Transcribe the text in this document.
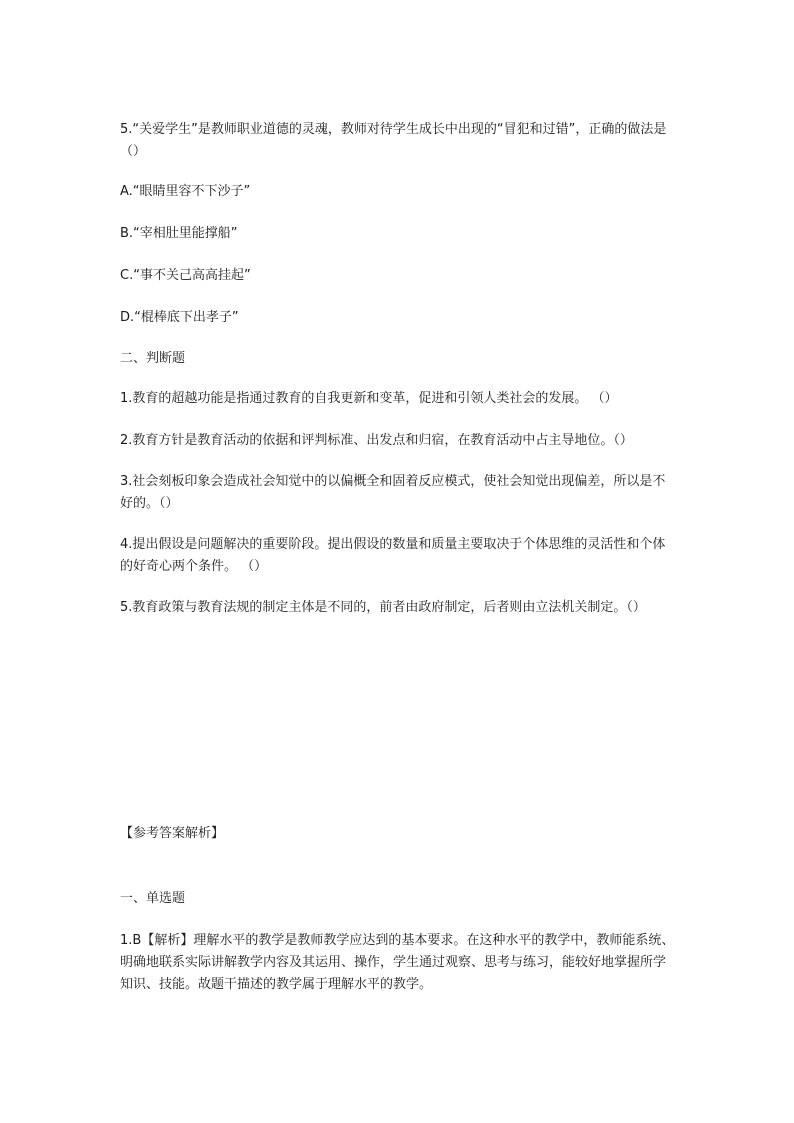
5.“关爱学生”是教师职业道德的灵魂，教师对待学生成长中出现的“冒犯和过错”，正确的做法是（）

A.“眼睛里容不下沙子”

B.“宰相肚里能撑船”

C.“事不关己高高挂起”

D.“棍棒底下出孝子”

二、判断题

1.教育的超越功能是指通过教育的自我更新和变革，促进和引领人类社会的发展。 （）

2.教育方针是教育活动的依据和评判标准、出发点和归宿，在教育活动中占主导地位。（）

3.社会刻板印象会造成社会知觉中的以偏概全和固着反应模式，使社会知觉出现偏差，所以是不好的。（）

4.提出假设是问题解决的重要阶段。提出假设的数量和质量主要取决于个体思维的灵活性和个体的好奇心两个条件。 （）

5.教育政策与教育法规的制定主体是不同的，前者由政府制定，后者则由立法机关制定。（）

【参考答案解析】

一、单选题

1.B【解析】理解水平的教学是教师教学应达到的基本要求。在这种水平的教学中，教师能系统、明确地联系实际讲解教学内容及其运用、操作，学生通过观察、思考与练习，能较好地掌握所学知识、技能。故题干描述的教学属于理解水平的教学。
